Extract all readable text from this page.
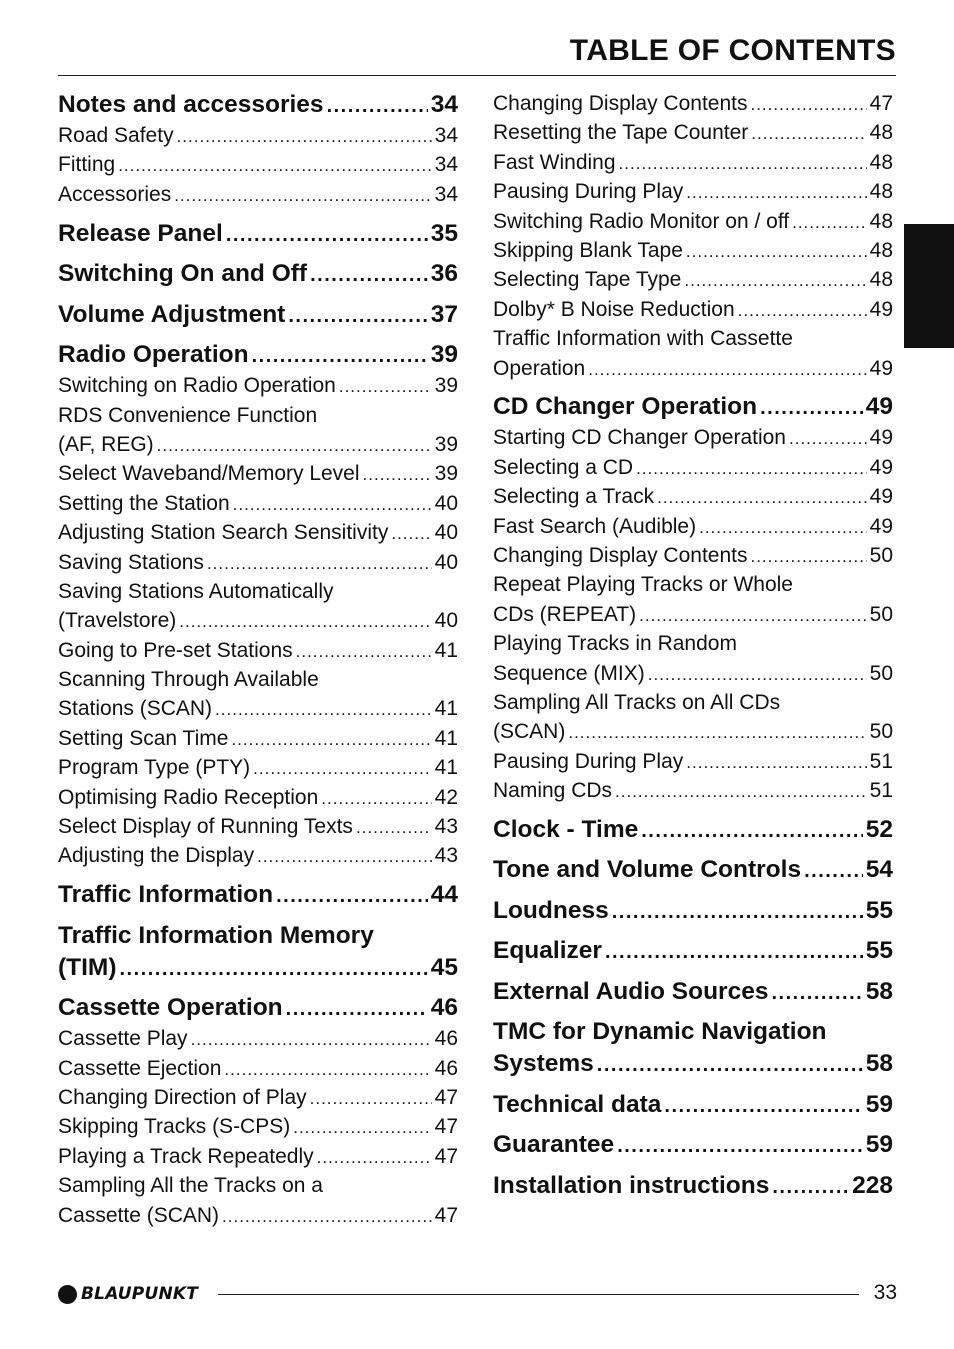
TABLE OF CONTENTS
Notes and accessories .....	34
Road Safety .....	34
Fitting .....	34
Accessories .....	34
Release Panel .....	35
Switching On and Off .....	36
Volume Adjustment .....	37
Radio Operation .....	39
Switching on Radio Operation .....	39
RDS Convenience Function
(AF, REG) .....	39
Select Waveband/Memory Level .....	39
Setting the Station .....	40
Adjusting Station Search Sensitivity ..... 40
Saving Stations .....	40
Saving Stations Automatically
(Travelstore) .....	40
Going to Pre-set Stations .....	41
Scanning Through Available
Stations (SCAN) .....	41
Setting Scan Time .....	41
Program Type (PTY) .....	41
Optimising Radio Reception .....	42
Select Display of Running Texts .....	43
Adjusting the Display .....	43
Traffic Information .....	44
Traffic Information Memory
(TIM) .....	45
Cassette Operation .....	46
Cassette Play .....	46
Cassette Ejection .....	46
Changing Direction of Play .....	47
Skipping Tracks (S-CPS) .....	47
Playing a Track Repeatedly .....	47
Sampling All the Tracks on a
Cassette (SCAN) .....	47
Changing Display Contents .....	47
Resetting the Tape Counter .....	48
Fast Winding .....	48
Pausing During Play .....	48
Switching Radio Monitor on / off .....	48
Skipping Blank Tape .....	48
Selecting Tape Type .....	48
Dolby* B Noise Reduction .....	49
Traffic Information with Cassette
Operation .....	49
CD Changer Operation .....	49
Starting CD Changer Operation .....	49
Selecting a CD .....	49
Selecting a Track .....	49
Fast Search (Audible) .....	49
Changing Display Contents .....	50
Repeat Playing Tracks or Whole
CDs (REPEAT) .....	50
Playing Tracks in Random
Sequence (MIX) .....	50
Sampling All Tracks on All CDs
(SCAN) .....	50
Pausing During Play .....	51
Naming CDs .....	51
Clock - Time .....	52
Tone and Volume Controls .....	54
Loudness .....	55
Equalizer .....	55
External Audio Sources .....	58
TMC for Dynamic Navigation
Systems .....	58
Technical data .....	59
Guarantee .....	59
Installation instructions .....	228
BLAUPUNKT	33
